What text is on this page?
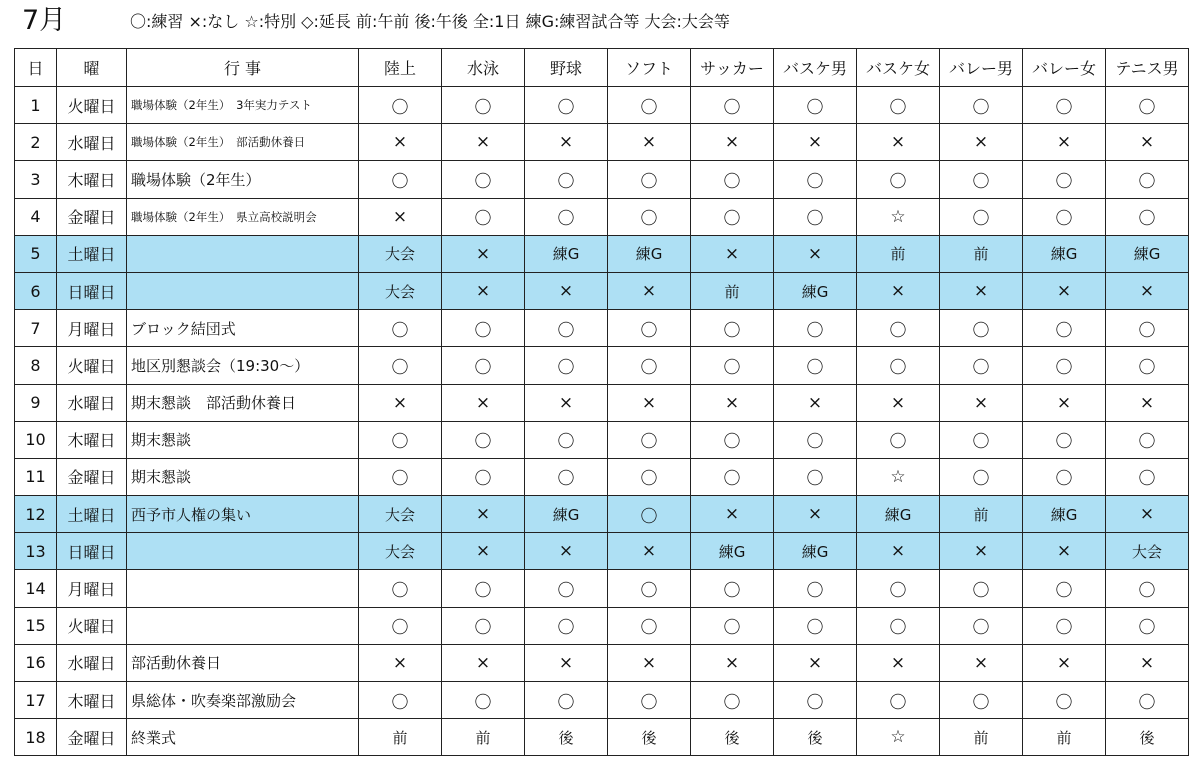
7月	〇:練習 ×:なし ☆:特別 ◇:延長 前:午前 後:午後 全:1日 練G:練習試合等 大会:大会等
日	曜	行 事	陸上	水泳	野球	ソフト	サッカー	バスケ男	バスケ女	バレー男	バレー女	テニス男
1	火曜日	職場体験（2年生）　3年実力テスト	〇	〇	〇	〇	〇	〇	〇	〇	〇	〇
2	水曜日	職場体験（2年生）　部活動休養日	×	×	×	×	×	×	×	×	×	×
3	木曜日	職場体験（2年生）	〇	〇	〇	〇	〇	〇	〇	〇	〇	〇
4	金曜日	職場体験（2年生）　県立高校説明会	×	〇	〇	〇	〇	〇	☆	〇	〇	〇
5	土曜日		大会	×	練G	練G	×	×	前	前	練G	練G
6	日曜日		大会	×	×	×	前	練G	×	×	×	×
7	月曜日	ブロック結団式	〇	〇	〇	〇	〇	〇	〇	〇	〇	〇
8	火曜日	地区別懇談会（19:30～）	〇	〇	〇	〇	〇	〇	〇	〇	〇	〇
9	水曜日	期末懇談　部活動休養日	×	×	×	×	×	×	×	×	×	×
10	木曜日	期末懇談	〇	〇	〇	〇	〇	〇	〇	〇	〇	〇
11	金曜日	期末懇談	〇	〇	〇	〇	〇	〇	☆	〇	〇	〇
12	土曜日	西予市人権の集い	大会	×	練G	〇	×	×	練G	前	練G	×
13	日曜日		大会	×	×	×	練G	練G	×	×	×	大会
14	月曜日		〇	〇	〇	〇	〇	〇	〇	〇	〇	〇
15	火曜日		〇	〇	〇	〇	〇	〇	〇	〇	〇	〇
16	水曜日	部活動休養日	×	×	×	×	×	×	×	×	×	×
17	木曜日	県総体・吹奏楽部激励会	〇	〇	〇	〇	〇	〇	〇	〇	〇	〇
18	金曜日	終業式	前	前	後	後	後	後	☆	前	前	後
